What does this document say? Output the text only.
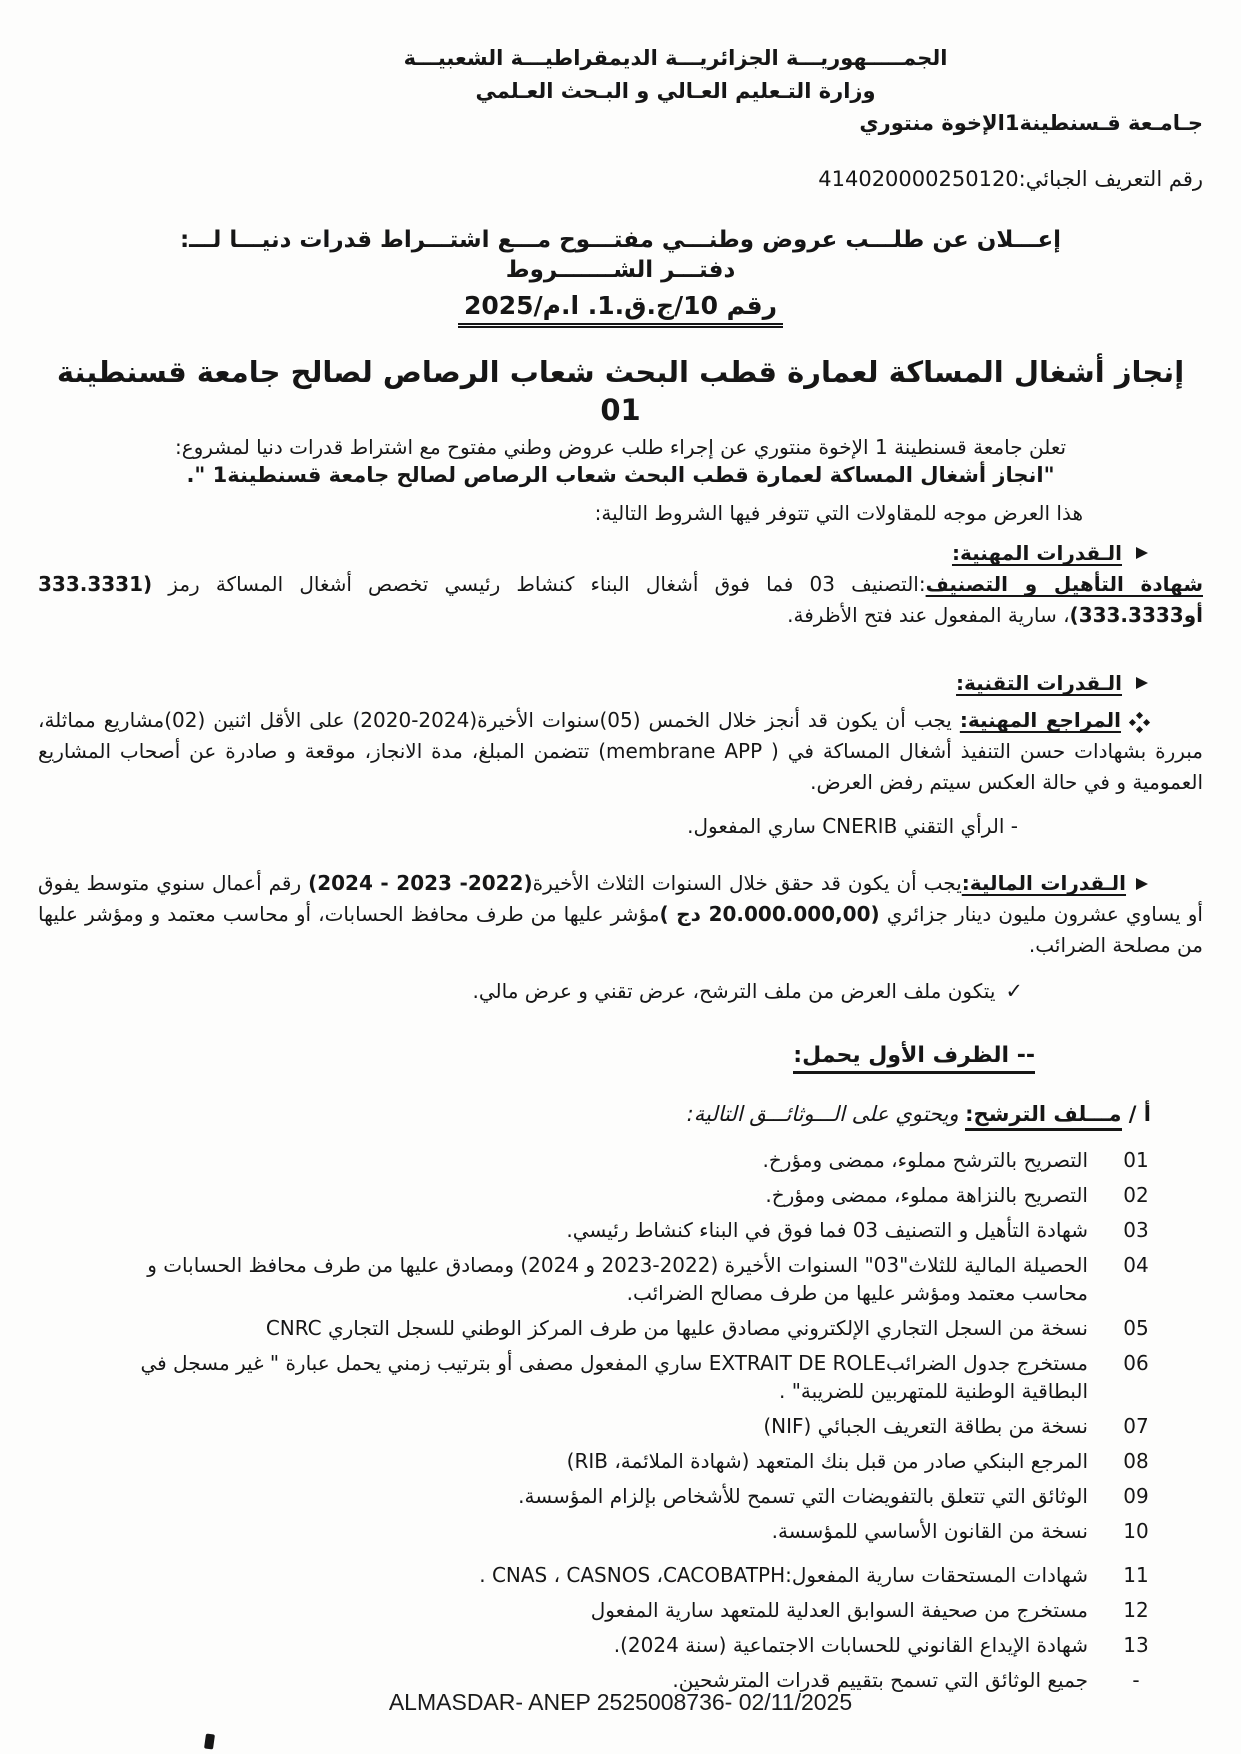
الجمـــــهوريـــة الجزائريـــة الديمقراطيـــة الشعبيـــة
وزارة التـعليم العـالي و البـحث العـلمي
جـامـعة قـسنطينة1الإخوة منتوري
رقم التعريف الجبائي:414020000250120
إعـــلان عن طلـــب عروض وطنـــي مفتـــوح مـــع اشتـــراط قدرات دنيـــا لـــ:
دفتـــر الشـــــــروط
رقم 10/ج.ق.1. ا.م/2025
إنجاز أشغال المساكة لعمارة قطب البحث شعاب الرصاص لصالح جامعة قسنطينة 01
تعلن جامعة قسنطينة 1 الإخوة منتوري عن إجراء طلب عروض وطني مفتوح مع اشتراط قدرات دنيا لمشروع:
"انجاز أشغال المساكة لعمارة قطب البحث شعاب الرصاص لصالح جامعة قسنطينة1 ".
هذا العرض موجه للمقاولات التي تتوفر فيها الشروط التالية:
الـقدرات المهنية:
شهادة التأهيل و التصنيف:التصنيف 03 فما فوق أشغال البناء كنشاط رئيسي تخصص أشغال المساكة رمز (333.3331 أو333.3333)، سارية المفعول عند فتح الأظرفة.
الـقدرات التقنية:
المراجع المهنية: يجب أن يكون قد أنجز خلال الخمس (05)سنوات الأخيرة(2024-2020) على الأقل اثنين (02)مشاريع مماثلة، مبررة بشهادات حسن التنفيذ أشغال المساكة في ( membrane APP) تتضمن المبلغ، مدة الانجاز، موقعة و صادرة عن أصحاب المشاريع العمومية و في حالة العكس سيتم رفض العرض.
- الرأي التقني CNERIB ساري المفعول.
الـقدرات المالية:يجب أن يكون قد حقق خلال السنوات الثلاث الأخيرة(2022- 2023 - 2024) رقم أعمال سنوي متوسط يفوق أو يساوي عشرون مليون دينار جزائري (20.000.000,00 دج )مؤشر عليها من طرف محافظ الحسابات، أو محاسب معتمد و ومؤشر عليها من مصلحة الضرائب.
✓يتكون ملف العرض من ملف الترشح، عرض تقني و عرض مالي.
-- الظرف الأول يحمل:
أ / مـــلف الترشح: ويحتوي على الـــوثائـــق التالية:
01
التصريح بالترشح مملوء، ممضى ومؤرخ.
02
التصريح بالنزاهة مملوء، ممضى ومؤرخ.
03
شهادة التأهيل و التصنيف 03 فما فوق في البناء كنشاط رئيسي.
04
الحصيلة المالية للثلاث"03" السنوات الأخيرة (2022-2023 و 2024) ومصادق عليها من طرف محافظ الحسابات و محاسب معتمد ومؤشر عليها من طرف مصالح الضرائب.
05
نسخة من السجل التجاري الإلكتروني مصادق عليها من طرف المركز الوطني للسجل التجاري CNRC
06
مستخرج جدول الضرائبEXTRAIT DE ROLE ساري المفعول مصفى أو بترتيب زمني يحمل عبارة " غير مسجل في البطاقية الوطنية للمتهربين للضريبة" .
07
نسخة من بطاقة التعريف الجبائي (NIF)
08
المرجع البنكي صادر من قبل بنك المتعهد (شهادة الملائمة، RIB)
09
الوثائق التي تتعلق بالتفويضات التي تسمح للأشخاص بإلزام المؤسسة.
10
نسخة من القانون الأساسي للمؤسسة.
11
شهادات المستحقات سارية المفعول:CNAS ، CASNOS ،CACOBATPH .
12
مستخرج من صحيفة السوابق العدلية للمتعهد سارية المفعول
13
شهادة الإيداع القانوني للحسابات الاجتماعية (سنة 2024).
-
جميع الوثائق التي تسمح بتقييم قدرات المترشحين.
ALMASDAR- ANEP 2525008736- 02/11/2025
